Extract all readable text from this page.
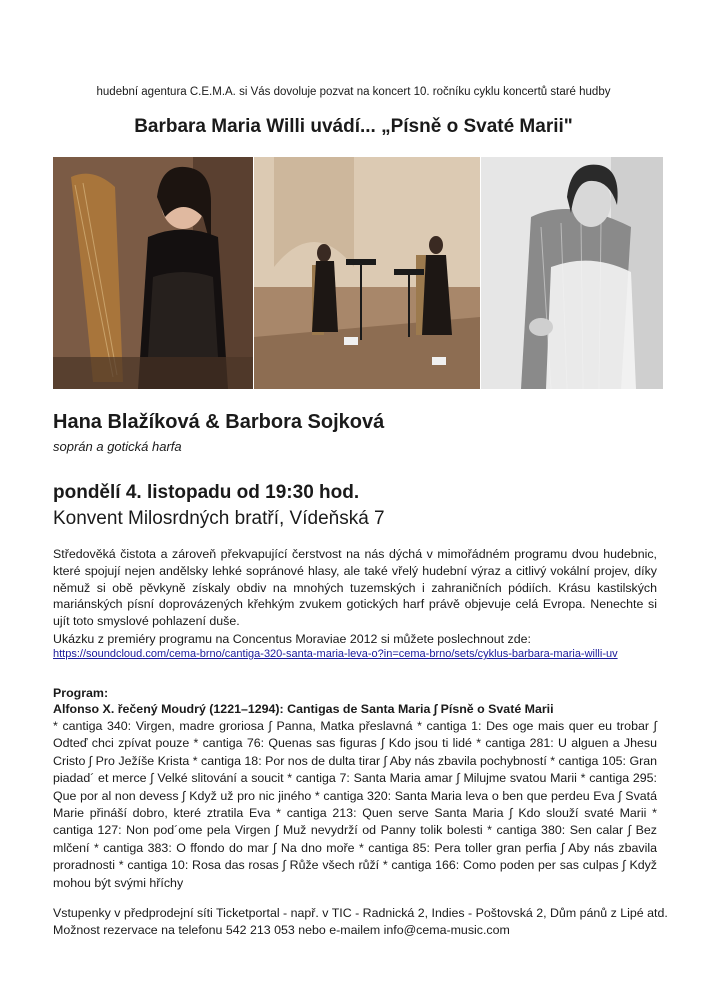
hudební agentura C.E.M.A. si Vás dovoluje pozvat na koncert 10. ročníku cyklu koncertů staré hudby
Barbara Maria Willi uvádí... „Písně o Svaté Marii"
Hana Blažíková & Barbora Sojková
soprán a gotická harfa
pondělí 4. listopadu od 19:30 hod.
Konvent Milosrdných bratří, Vídeňská 7

Středověká čistota a zároveň překvapující čerstvost na nás dýchá v mimořádném programu dvou hudebnic, které spojují nejen andělsky lehké sopránové hlasy, ale také vřelý hudební výraz a citlivý vokální projev, díky němuž si obě pěvkyně získaly obdiv na mnohých tuzemských i zahraničních pódiích. Krásu kastilských mariánských písní doprovázených křehkým zvukem gotických harf právě objevuje celá Evropa. Nenechte si ujít toto smyslové pohlazení duše.

Ukázku z premiéry programu na Concentus Moraviae 2012 si můžete poslechnout zde:
https://soundcloud.com/cema-brno/cantiga-320-santa-maria-leva-o?in=cema-brno/sets/cyklus-barbara-maria-willi-uv
Program:
Alfonso X. řečený Moudrý (1221–1294): Cantigas de Santa Maria ∫ Písně o Svaté Marii
* cantiga 340: Virgen, madre groriosa ∫ Panna, Matka přeslavná * cantiga 1: Des oge mais quer eu trobar ∫ Odteď chci zpívat pouze * cantiga 76: Quenas sas figuras ∫ Kdo jsou ti lidé * cantiga 281: U alguen a Jhesu Cristo ∫ Pro Ježíše Krista * cantiga 18: Por nos de dulta tirar ∫ Aby nás zbavila pochybností * cantiga 105: Gran piadad´ et merce ∫ Velké slitování a soucit * cantiga 7: Santa Maria amar ∫ Milujme svatou Marii * cantiga 295: Que por al non devess ∫ Když už pro nic jiného * cantiga 320: Santa Maria leva o ben que perdeu Eva ∫ Svatá Marie přináší dobro, které ztratila Eva * cantiga 213: Quen serve Santa Maria ∫ Kdo slouží svaté Marii * cantiga 127: Non pod´ome pela Virgen ∫ Muž nevydrží od Panny tolik bolesti * cantiga 380: Sen calar ∫ Bez mlčení * cantiga 383: O ffondo do mar ∫ Na dno moře * cantiga 85: Pera toller gran perfia ∫ Aby nás zbavila proradnosti * cantiga 10: Rosa das rosas ∫ Růže všech růží * cantiga 166: Como poden per sas culpas ∫ Když mohou být svými hříchy
Vstupenky v předprodejní síti Ticketportal - např. v TIC - Radnická 2, Indies - Poštovská 2, Dům pánů z Lipé atd.
Možnost rezervace na telefonu 542 213 053 nebo e-mailem info@cema-music.com
